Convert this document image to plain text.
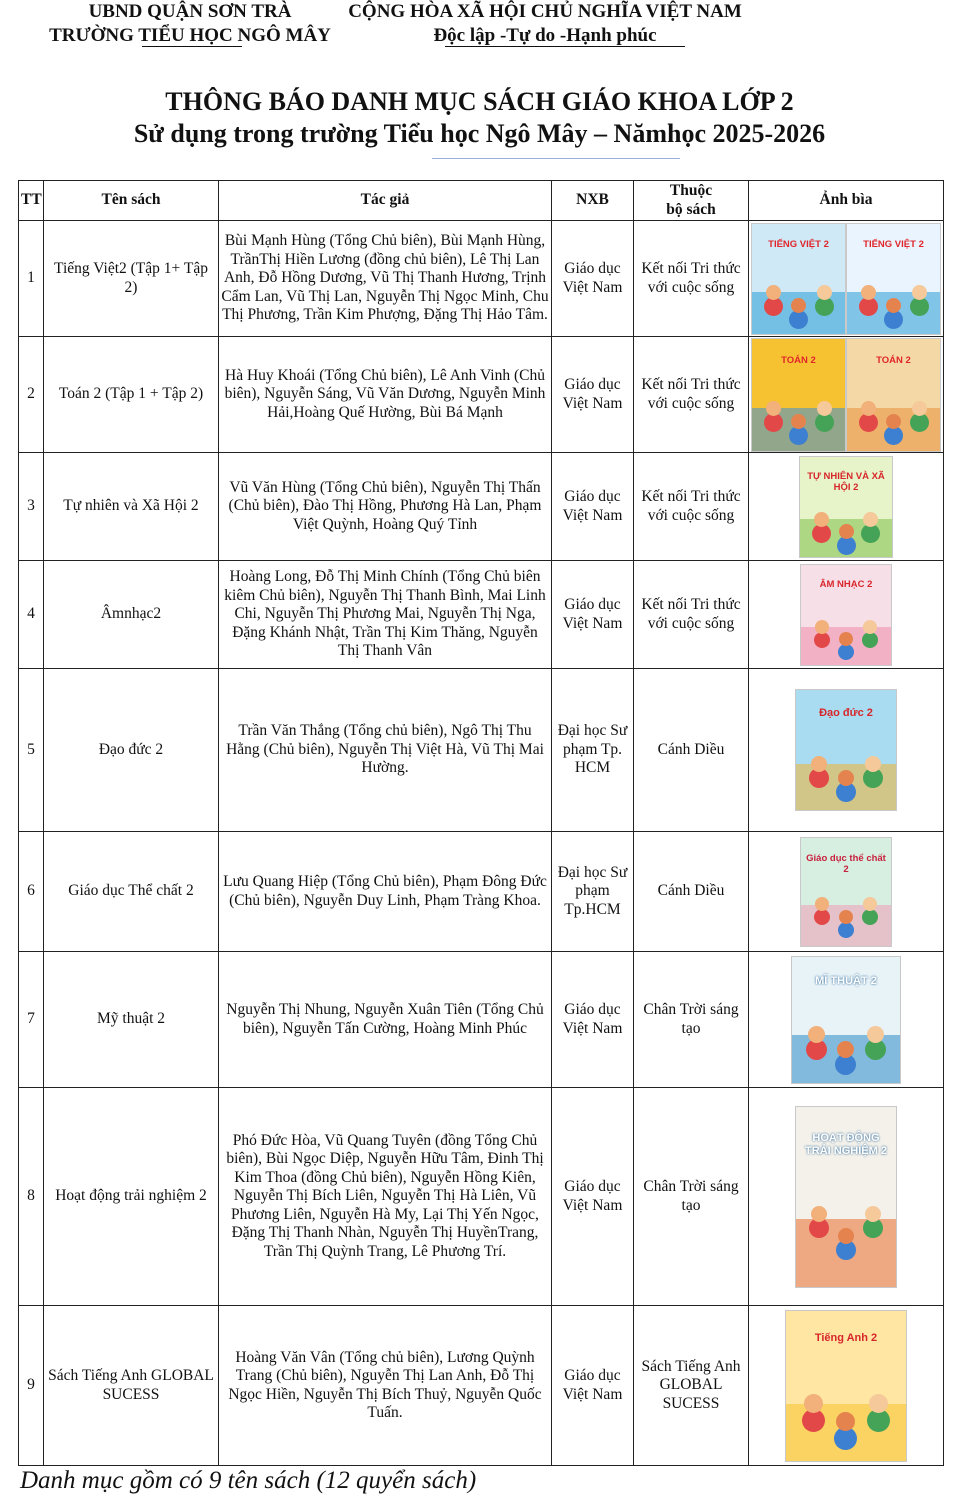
UBND QUẬN SƠN TRÀ
TRƯỜNG TIỂU HỌC NGÔ MÂY
CỘNG HÒA XÃ HỘI CHỦ NGHĨA VIỆT NAM
Độc lập -Tự do -Hạnh phúc
THÔNG BÁO DANH MỤC SÁCH GIÁO KHOA LỚP 2
Sử dụng trong trường Tiểu học Ngô Mây – Nămhọc 2025-2026
TT	Tên sách	Tác giả	NXB	Thuộc
bộ sách	Ảnh bìa
1	Tiếng Việt2 (Tập 1+ Tập 2)	Bùi Mạnh Hùng (Tổng Chủ biên), Bùi Mạnh Hùng, TrầnThị Hiền Lương (đồng chủ biên), Lê Thị Lan Anh, Đỗ Hồng Dương, Vũ Thị Thanh Hương, Trịnh Cẩm Lan, Vũ Thị Lan, Nguyễn Thị Ngọc Minh, Chu Thị Phương, Trần Kim Phượng, Đặng Thị Hảo Tâm.	Giáo dục Việt Nam	Kết nối Tri thức với cuộc sống	TIẾNG VIỆT 2 TIẾNG VIỆT 2

2	Toán 2 (Tập 1 + Tập 2)	Hà Huy Khoái (Tổng Chủ biên), Lê Anh Vinh (Chủ biên), Nguyễn Sáng, Vũ Văn Dương, Nguyễn Minh Hải,Hoàng Quế Hường, Bùi Bá Mạnh	Giáo dục Việt Nam	Kết nối Tri thức với cuộc sống	TOÁN 2 TOÁN 2

3	Tự nhiên và Xã Hội 2	Vũ Văn Hùng (Tổng Chủ biên), Nguyễn Thị Thấn (Chủ biên), Đào Thị Hồng, Phương Hà Lan, Phạm Việt Quỳnh, Hoàng Quý Tỉnh	Giáo dục Việt Nam	Kết nối Tri thức với cuộc sống	TỰ NHIÊN VÀ XÃ HỘI 2

4	Âmnhạc2	Hoàng Long, Đỗ Thị Minh Chính (Tổng Chủ biên kiêm Chủ biên), Nguyễn Thị Thanh Bình, Mai Linh Chi, Nguyễn Thị Phương Mai, Nguyễn Thị Nga, Đặng Khánh Nhật, Trần Thị Kim Thăng, Nguyễn Thị Thanh Vân	Giáo dục Việt Nam	Kết nối Tri thức với cuộc sống	ÂM NHẠC 2

5	Đạo đức 2	Trần Văn Thắng (Tổng chủ biên), Ngô Thị Thu Hằng (Chủ biên), Nguyễn Thị Việt Hà, Vũ Thị Mai Hường.	Đại học Sư phạm Tp. HCM	Cánh Diều	Đạo đức 2

6	Giáo dục Thể chất 2	Lưu Quang Hiệp (Tổng Chủ biên), Phạm Đông Đức (Chủ biên), Nguyễn Duy Linh, Phạm Tràng Khoa.	Đại học Sư phạm Tp.HCM	Cánh Diều	Giáo dục thể chất 2

7	Mỹ thuật 2	Nguyễn Thị Nhung, Nguyễn Xuân Tiên (Tổng Chủ biên), Nguyễn Tấn Cường, Hoàng Minh Phúc	Giáo dục Việt Nam	Chân Trời sáng tạo	MĨ THUẬT 2

8	Hoạt động trải nghiệm 2	Phó Đức Hòa, Vũ Quang Tuyên (đồng Tổng Chủ biên), Bùi Ngọc Diệp, Nguyễn Hữu Tâm, Đinh Thị Kim Thoa (đồng Chủ biên), Nguyễn Hồng Kiên, Nguyễn Thị Bích Liên, Nguyễn Thị Hà Liên, Vũ Phương Liên, Nguyễn Hà My, Lại Thị Yến Ngọc, Đặng Thị Thanh Nhàn, Nguyễn Thị HuyềnTrang, Trần Thị Quỳnh Trang, Lê Phương Trí.	Giáo dục Việt Nam	Chân Trời sáng tạo	HOẠT ĐỘNG TRẢI NGHIỆM 2

9	Sách Tiếng Anh GLOBAL SUCESS	Hoàng Văn Vân (Tổng chủ biên), Lương Quỳnh Trang (Chủ biên), Nguyễn Thị Lan Anh, Đỗ Thị Ngọc Hiền, Nguyễn Thị Bích Thuỷ, Nguyễn Quốc Tuấn.	Giáo dục Việt Nam	Sách Tiếng Anh GLOBAL SUCESS	Tiếng Anh 2
Danh mục gồm có 9 tên sách (12 quyển sách)
